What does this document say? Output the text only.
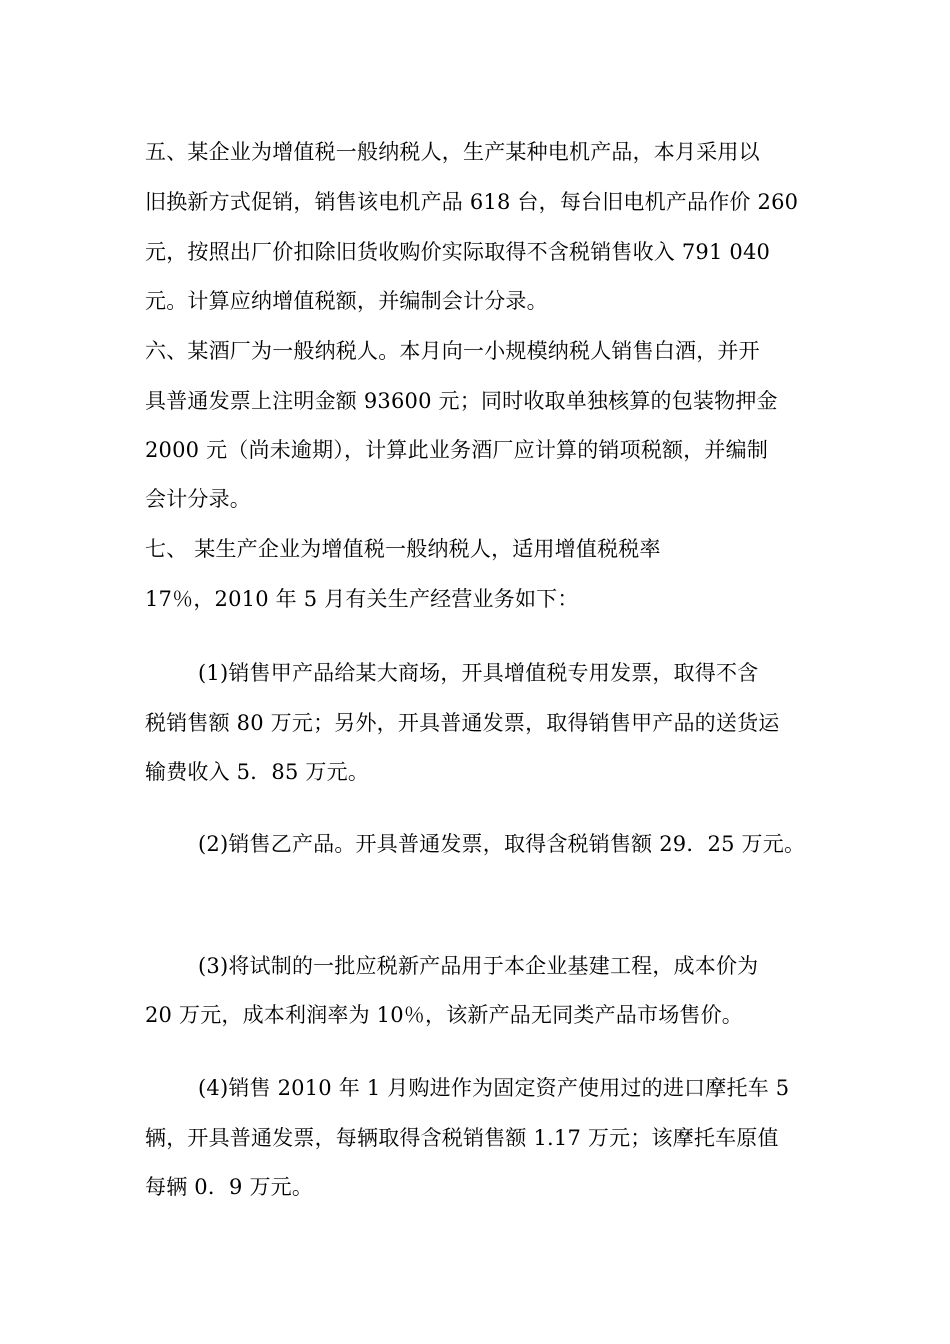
五、某企业为增值税一般纳税人，生产某种电机产品，本月采用以
旧换新方式促销，销售该电机产品 618 台，每台旧电机产品作价 260
元，按照出厂价扣除旧货收购价实际取得不含税销售收入 791 040
元。计算应纳增值税额，并编制会计分录。
六、某酒厂为一般纳税人。本月向一小规模纳税人销售白酒，并开
具普通发票上注明金额 93600 元；同时收取单独核算的包装物押金
2000 元（尚未逾期），计算此业务酒厂应计算的销项税额，并编制
会计分录。
七、 某生产企业为增值税一般纳税人，适用增值税税率
17％，2010 年 5 月有关生产经营业务如下：
(1)销售甲产品给某大商场，开具增值税专用发票，取得不含
税销售额 80 万元；另外，开具普通发票，取得销售甲产品的送货运
输费收入 5．85 万元。
(2)销售乙产品。开具普通发票，取得含税销售额 29．25 万元。
(3)将试制的一批应税新产品用于本企业基建工程，成本价为
20 万元，成本利润率为 10％，该新产品无同类产品市场售价。
(4)销售 2010 年 1 月购进作为固定资产使用过的进口摩托车 5
辆，开具普通发票，每辆取得含税销售额 1.17 万元；该摩托车原值
每辆 0．9 万元。
